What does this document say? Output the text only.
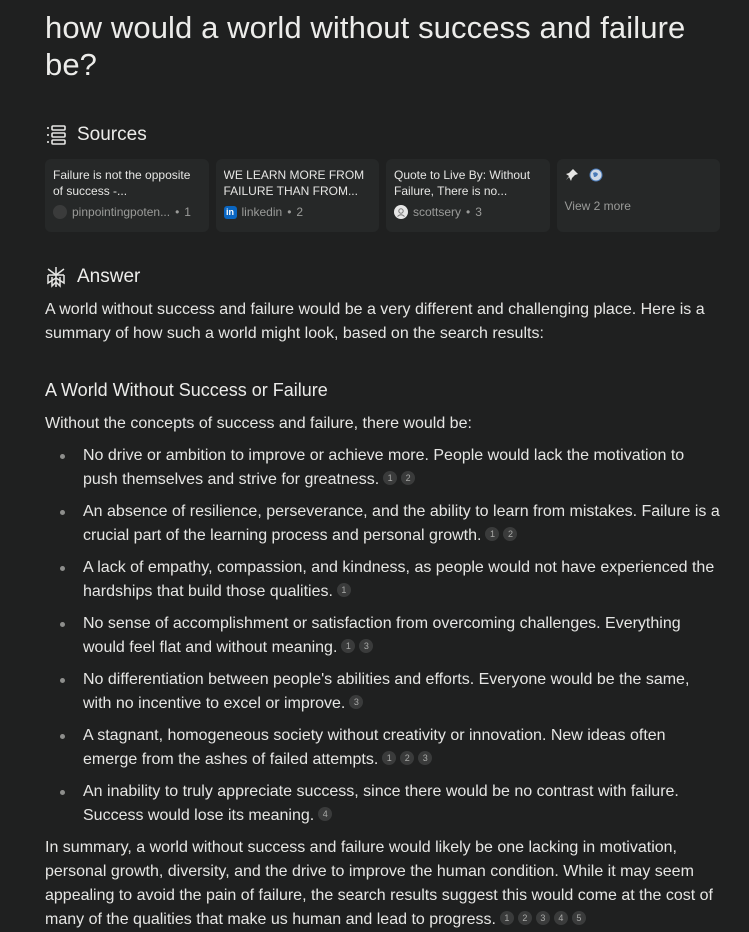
how would a world without success and failure be?
Sources
Failure is not the opposite of success -...
pinpointingpoten... • 1
WE LEARN MORE FROM FAILURE THAN FROM...
in linkedin • 2
Quote to Live By: Without Failure, There is no...
scottsery • 3	View 2 more
Answer

A world without success and failure would be a very different and challenging place. Here is a summary of how such a world might look, based on the search results:

A World Without Success or Failure

Without the concepts of success and failure, there would be:

No drive or ambition to improve or achieve more. People would lack the motivation to push themselves and strive for greatness. 1 2
An absence of resilience, perseverance, and the ability to learn from mistakes. Failure is a crucial part of the learning process and personal growth. 1 2
A lack of empathy, compassion, and kindness, as people would not have experienced the hardships that build those qualities. 1
No sense of accomplishment or satisfaction from overcoming challenges. Everything would feel flat and without meaning. 1 3
No differentiation between people's abilities and efforts. Everyone would be the same, with no incentive to excel or improve. 3
A stagnant, homogeneous society without creativity or innovation. New ideas often emerge from the ashes of failed attempts. 1 2 3
An inability to truly appreciate success, since there would be no contrast with failure. Success would lose its meaning. 4

In summary, a world without success and failure would likely be one lacking in motivation, personal growth, diversity, and the drive to improve the human condition. While it may seem appealing to avoid the pain of failure, the search results suggest this would come at the cost of many of the qualities that make us human and lead to progress. 1 2 3 4 5
